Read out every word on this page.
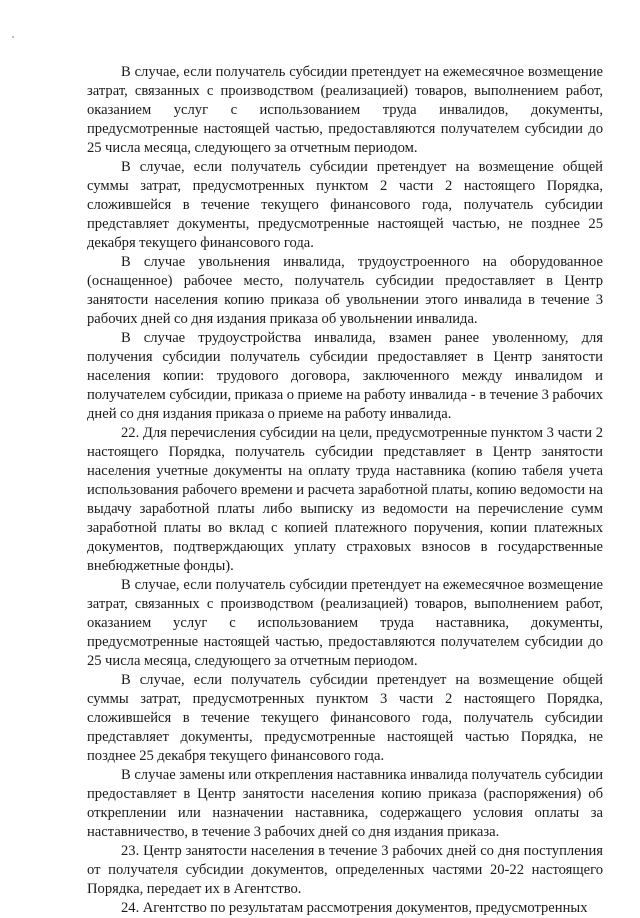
В случае, если получатель субсидии претендует на ежемесячное возмещение затрат, связанных с производством (реализацией) товаров, выполнением работ, оказанием услуг с использованием труда инвалидов, документы, предусмотренные настоящей частью, предоставляются получателем субсидии до 25 числа месяца, следующего за отчетным периодом.

В случае, если получатель субсидии претендует на возмещение общей суммы затрат, предусмотренных пунктом 2 части 2 настоящего Порядка, сложившейся в течение текущего финансового года, получатель субсидии представляет документы, предусмотренные настоящей частью, не позднее 25 декабря текущего финансового года.

В случае увольнения инвалида, трудоустроенного на оборудованное (оснащенное) рабочее место, получатель субсидии предоставляет в Центр занятости населения копию приказа об увольнении этого инвалида в течение 3 рабочих дней со дня издания приказа об увольнении инвалида.

В случае трудоустройства инвалида, взамен ранее уволенному, для получения субсидии получатель субсидии предоставляет в Центр занятости населения копии: трудового договора, заключенного между инвалидом и получателем субсидии, приказа о приеме на работу инвалида - в течение 3 рабочих дней со дня издания приказа о приеме на работу инвалида.

22. Для перечисления субсидии на цели, предусмотренные пунктом 3 части 2 настоящего Порядка, получатель субсидии представляет в Центр занятости населения учетные документы на оплату труда наставника (копию табеля учета использования рабочего времени и расчета заработной платы, копию ведомости на выдачу заработной платы либо выписку из ведомости на перечисление сумм заработной платы во вклад с копией платежного поручения, копии платежных документов, подтверждающих уплату страховых взносов в государственные внебюджетные фонды).

В случае, если получатель субсидии претендует на ежемесячное возмещение затрат, связанных с производством (реализацией) товаров, выполнением работ, оказанием услуг с использованием труда наставника, документы, предусмотренные настоящей частью, предоставляются получателем субсидии до 25 числа месяца, следующего за отчетным периодом.

В случае, если получатель субсидии претендует на возмещение общей суммы затрат, предусмотренных пунктом 3 части 2 настоящего Порядка, сложившейся в течение текущего финансового года, получатель субсидии представляет документы, предусмотренные настоящей частью Порядка, не позднее 25 декабря текущего финансового года.

В случае замены или открепления наставника инвалида получатель субсидии предоставляет в Центр занятости населения копию приказа (распоряжения) об откреплении или назначении наставника, содержащего условия оплаты за наставничество, в течение 3 рабочих дней со дня издания приказа.

23. Центр занятости населения в течение 3 рабочих дней со дня поступления от получателя субсидии документов, определенных частями 20-22 настоящего Порядка, передает их в Агентство.

24. Агентство по результатам рассмотрения документов, предусмотренных
